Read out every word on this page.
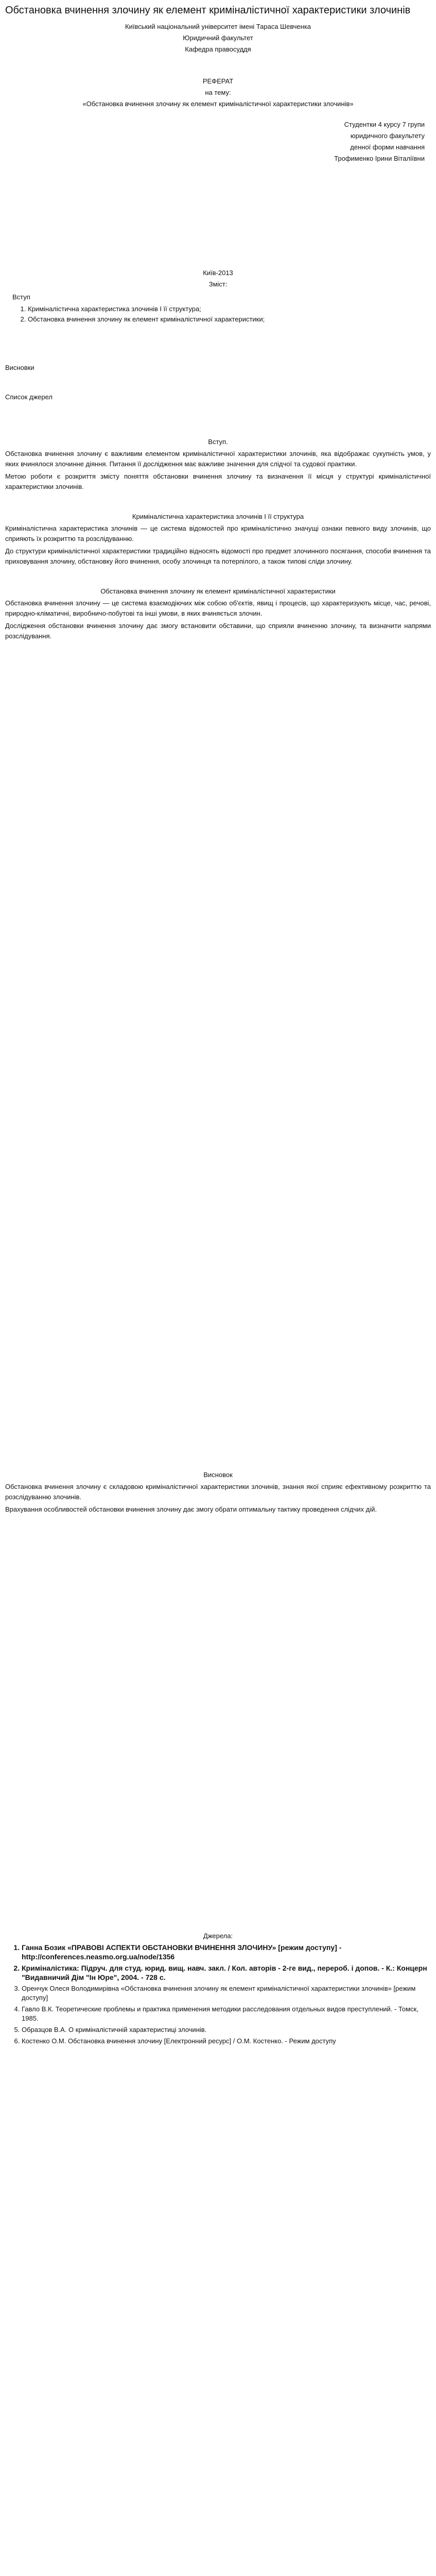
Обстановка вчинення злочину як елемент криміналістичної характеристики злочинів
Київський національний університет імені Тараса Шевченка
Юридичний факультет
Кафедра правосуддя
РЕФЕРАТ
на тему:
«Обстановка вчинення злочину як елемент криміналістичної характеристики злочинів»
Студентки 4 курсу 7 групи
юридичного факультету
денної форми навчання
Трофименко Ірини Віталіївни
Київ-2013
Зміст:
Вступ
1. Криміналістична характеристика злочинів І її структура;
2. Обстановка вчинення злочину як елемент криміналістичної характеристики;
Висновки
Список джерел
Вступ.

Обстановка вчинення злочину є важливим елементом криміналістичної характеристики злочинів, яка відображає сукупність умов, у яких вчинялося злочинне діяння. Питання її дослідження має важливе значення для слідчої та судової практики.

Метою роботи є розкриття змісту поняття обстановки вчинення злочину та визначення її місця у структурі криміналістичної характеристики злочинів.

Криміналістична характеристика злочинів І її структура

Криміналістична характеристика злочинів — це система відомостей про криміналістично значущі ознаки певного виду злочинів, що сприяють їх розкриттю та розслідуванню.

До структури криміналістичної характеристики традиційно відносять відомості про предмет злочинного посягання, способи вчинення та приховування злочину, обстановку його вчинення, особу злочинця та потерпілого, а також типові сліди злочину.

Обстановка вчинення злочину як елемент криміналістичної характеристики

Обстановка вчинення злочину — це система взаємодіючих між собою об'єктів, явищ і процесів, що характеризують місце, час, речові, природно-кліматичні, виробничо-побутові та інші умови, в яких вчиняється злочин.

Дослідження обстановки вчинення злочину дає змогу встановити обставини, що сприяли вчиненню злочину, та визначити напрями розслідування.

Висновок

Обстановка вчинення злочину є складовою криміналістичної характеристики злочинів, знання якої сприяє ефективному розкриттю та розслідуванню злочинів.

Врахування особливостей обстановки вчинення злочину дає змогу обрати оптимальну тактику проведення слідчих дій.

Джерела:
1. Ганна Бозик «ПРАВОВІ АСПЕКТИ ОБСТАНОВКИ ВЧИНЕННЯ ЗЛОЧИНУ» [режим доступу] - http://conferences.neasmo.org.ua/node/1356
2. Криміналістика: Підруч. для студ. юрид. вищ. навч. закл. / Кол. авторів - 2-ге вид., перероб. і допов. - К.: Концерн "Видавничий Дім "Ін Юре", 2004. - 728 с.
3. Оренчук Олеся Володимирівна «Обстановка вчинення злочину як елемент криміналістичної характеристики злочинів» [режим доступу]
4. Гавло В.К. Теоретические проблемы и практика применения методики расследования отдельных видов преступлений. - Томск, 1985.
5. Образцов В.А. О криміналістичній характеристиці злочинів.
6. Костенко О.М. Обстановка вчинення злочину [Електронний ресурс] / О.М. Костенко. - Режим доступу
